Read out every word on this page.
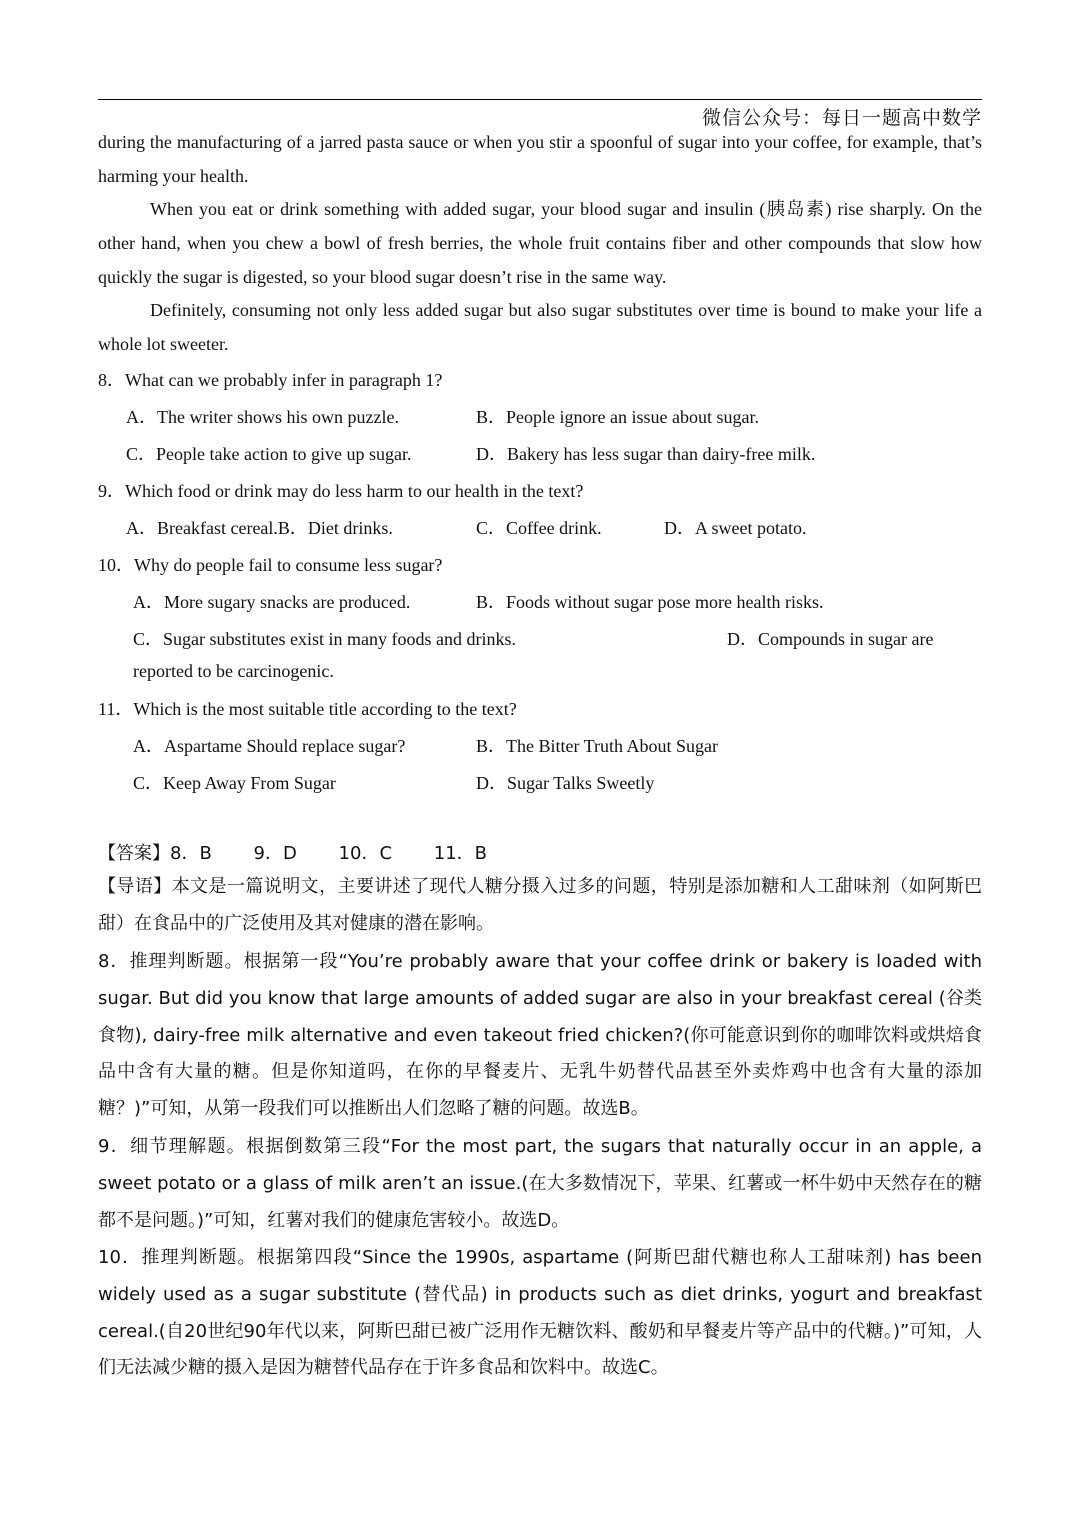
微信公众号：每日一题高中数学
during the manufacturing of a jarred pasta sauce or when you stir a spoonful of sugar into your coffee, for example, that’s harming your health.
When you eat or drink something with added sugar, your blood sugar and insulin (胰岛素) rise sharply. On the other hand, when you chew a bowl of fresh berries, the whole fruit contains fiber and other compounds that slow how quickly the sugar is digested, so your blood sugar doesn’t rise in the same way.
Definitely, consuming not only less added sugar but also sugar substitutes over time is bound to make your life a whole lot sweeter.
8．What can we probably infer in paragraph 1?
A．The writer shows his own puzzle.	B．People ignore an issue about sugar.
C．People take action to give up sugar.	D．Bakery has less sugar than dairy-free milk.
9．Which food or drink may do less harm to our health in the text?
A．Breakfast cereal.B．Diet drinks.	C．Coffee drink.	D．A sweet potato.
10．Why do people fail to consume less sugar?
A．More sugary snacks are produced.	B．Foods without sugar pose more health risks.
C．Sugar substitutes exist in many foods and drinks.	D．Compounds in sugar are
reported to be carcinogenic.
11．Which is the most suitable title according to the text?
A．Aspartame Should replace sugar?	B．The Bitter Truth About Sugar
C．Keep Away From Sugar	D．Sugar Talks Sweetly
【答案】8．B 　　9．D 　　10．C 　　11．B
【导语】本文是一篇说明文，主要讲述了现代人糖分摄入过多的问题，特别是添加糖和人工甜味剂（如阿斯巴甜）在食品中的广泛使用及其对健康的潜在影响。
8．推理判断题。根据第一段“You’re probably aware that your coffee drink or bakery is loaded with sugar. But did you know that large amounts of added sugar are also in your breakfast cereal (谷类食物), dairy-free milk alternative and even takeout fried chicken?(你可能意识到你的咖啡饮料或烘焙食品中含有大量的糖。但是你知道吗，在你的早餐麦片、无乳牛奶替代品甚至外卖炸鸡中也含有大量的添加糖？)”可知，从第一段我们可以推断出人们忽略了糖的问题。故选B。
9．细节理解题。根据倒数第三段“For the most part, the sugars that naturally occur in an apple, a sweet potato or a glass of milk aren’t an issue.(在大多数情况下，苹果、红薯或一杯牛奶中天然存在的糖都不是问题。)”可知，红薯对我们的健康危害较小。故选D。
10．推理判断题。根据第四段“Since the 1990s, aspartame (阿斯巴甜代糖也称人工甜味剂) has been widely used as a sugar substitute (替代品) in products such as diet drinks, yogurt and breakfast cereal.(自20世纪90年代以来，阿斯巴甜已被广泛用作无糖饮料、酸奶和早餐麦片等产品中的代糖。)”可知，人们无法减少糖的摄入是因为糖替代品存在于许多食品和饮料中。故选C。
